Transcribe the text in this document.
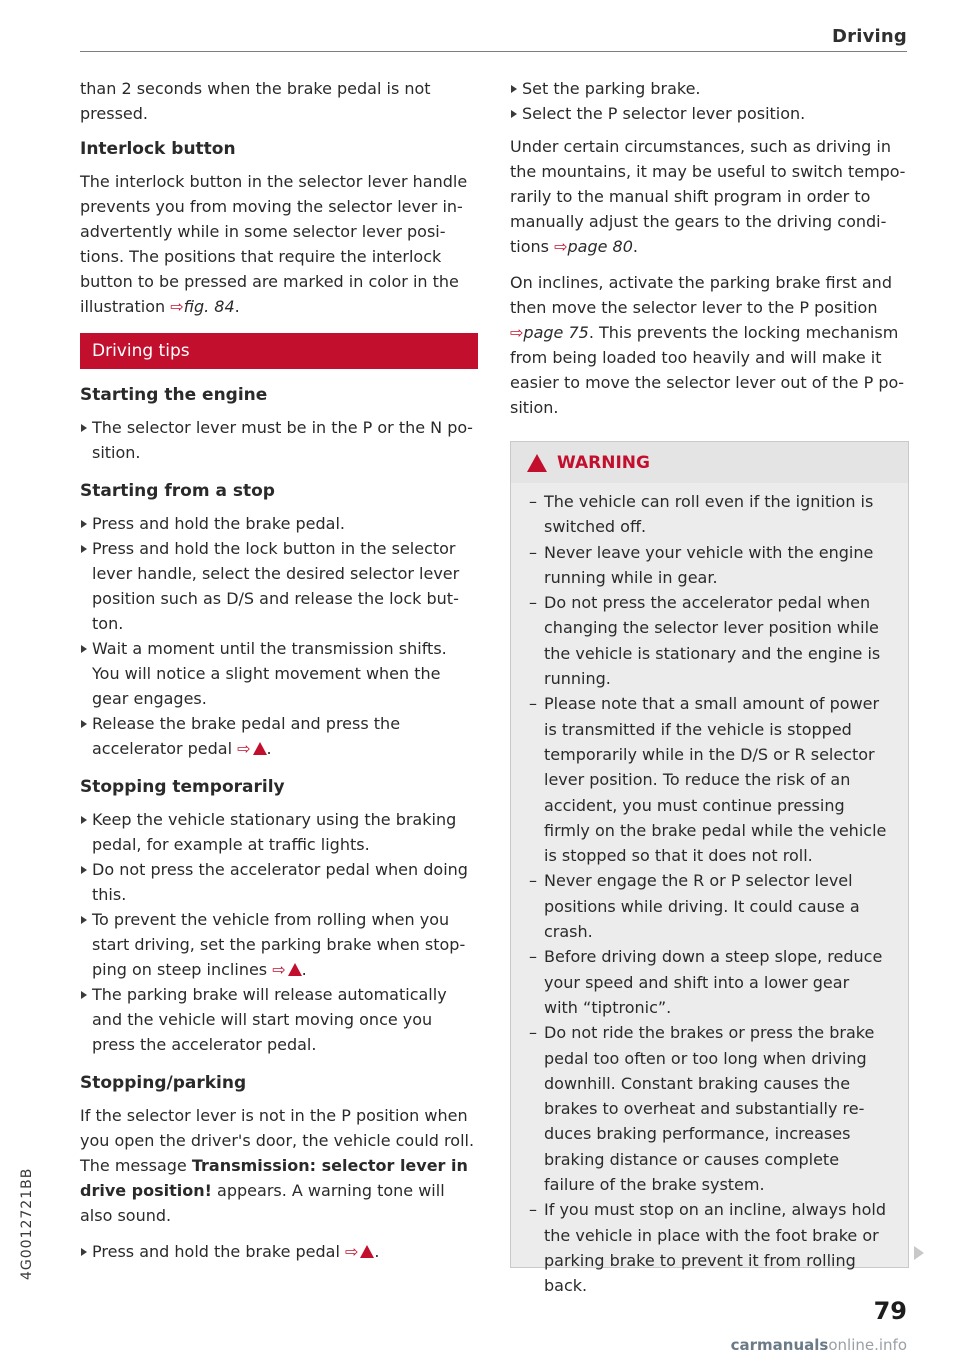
Driving

than 2 seconds when the brake pedal is not pressed.

Interlock button

The interlock button in the selector lever handle prevents you from moving the selector lever inadvertently while in some selector lever positions. The positions that require the interlock button to be pressed are marked in color in the illustration ⇨fig. 84.

Driving tips
Starting the engine
The selector lever must be in the P or the N position.
Starting from a stop
Press and hold the brake pedal.
Press and hold the lock button in the selector lever handle, select the desired selector lever position such as D/S and release the lock button.
Wait a moment until the transmission shifts. You will notice a slight movement when the gear engages.
Release the brake pedal and press the accelerator pedal ⇨ .
Stopping temporarily
Keep the vehicle stationary using the braking pedal, for example at traffic lights.
Do not press the accelerator pedal when doing this.
To prevent the vehicle from rolling when you start driving, set the parking brake when stopping on steep inclines ⇨ .
The parking brake will release automatically and the vehicle will start moving once you press the accelerator pedal.
Stopping/parking

If the selector lever is not in the P position when you open the driver's door, the vehicle could roll. The message Transmission: selector lever in drive position! appears. A warning tone will also sound.

Press and hold the brake pedal ⇨ .
Set the parking brake.
Select the P selector lever position.

Under certain circumstances, such as driving in the mountains, it may be useful to switch temporarily to the manual shift program in order to manually adjust the gears to the driving conditions ⇨page 80.

On inclines, activate the parking brake first and then move the selector lever to the P position ⇨page 75. This prevents the locking mechanism from being loaded too heavily and will make it easier to move the selector lever out of the P position.

WARNING
– The vehicle can roll even if the ignition is switched off.
– Never leave your vehicle with the engine running while in gear.
– Do not press the accelerator pedal when changing the selector lever position while the vehicle is stationary and the engine is running.
– Please note that a small amount of power is transmitted if the vehicle is stopped temporarily while in the D/S or R selector lever position. To reduce the risk of an accident, you must continue pressing firmly on the brake pedal while the vehicle is stopped so that it does not roll.
– Never engage the R or P selector level positions while driving. It could cause a crash.
– Before driving down a steep slope, reduce your speed and shift into a lower gear with “tiptronic”.
– Do not ride the brakes or press the brake pedal too often or too long when driving downhill. Constant braking causes the brakes to overheat and substantially reduces braking performance, increases braking distance or causes complete failure of the brake system.
– If you must stop on an incline, always hold the vehicle in place with the foot brake or parking brake to prevent it from rolling back.
79
4G0012721BB
carmanualsonline.info
